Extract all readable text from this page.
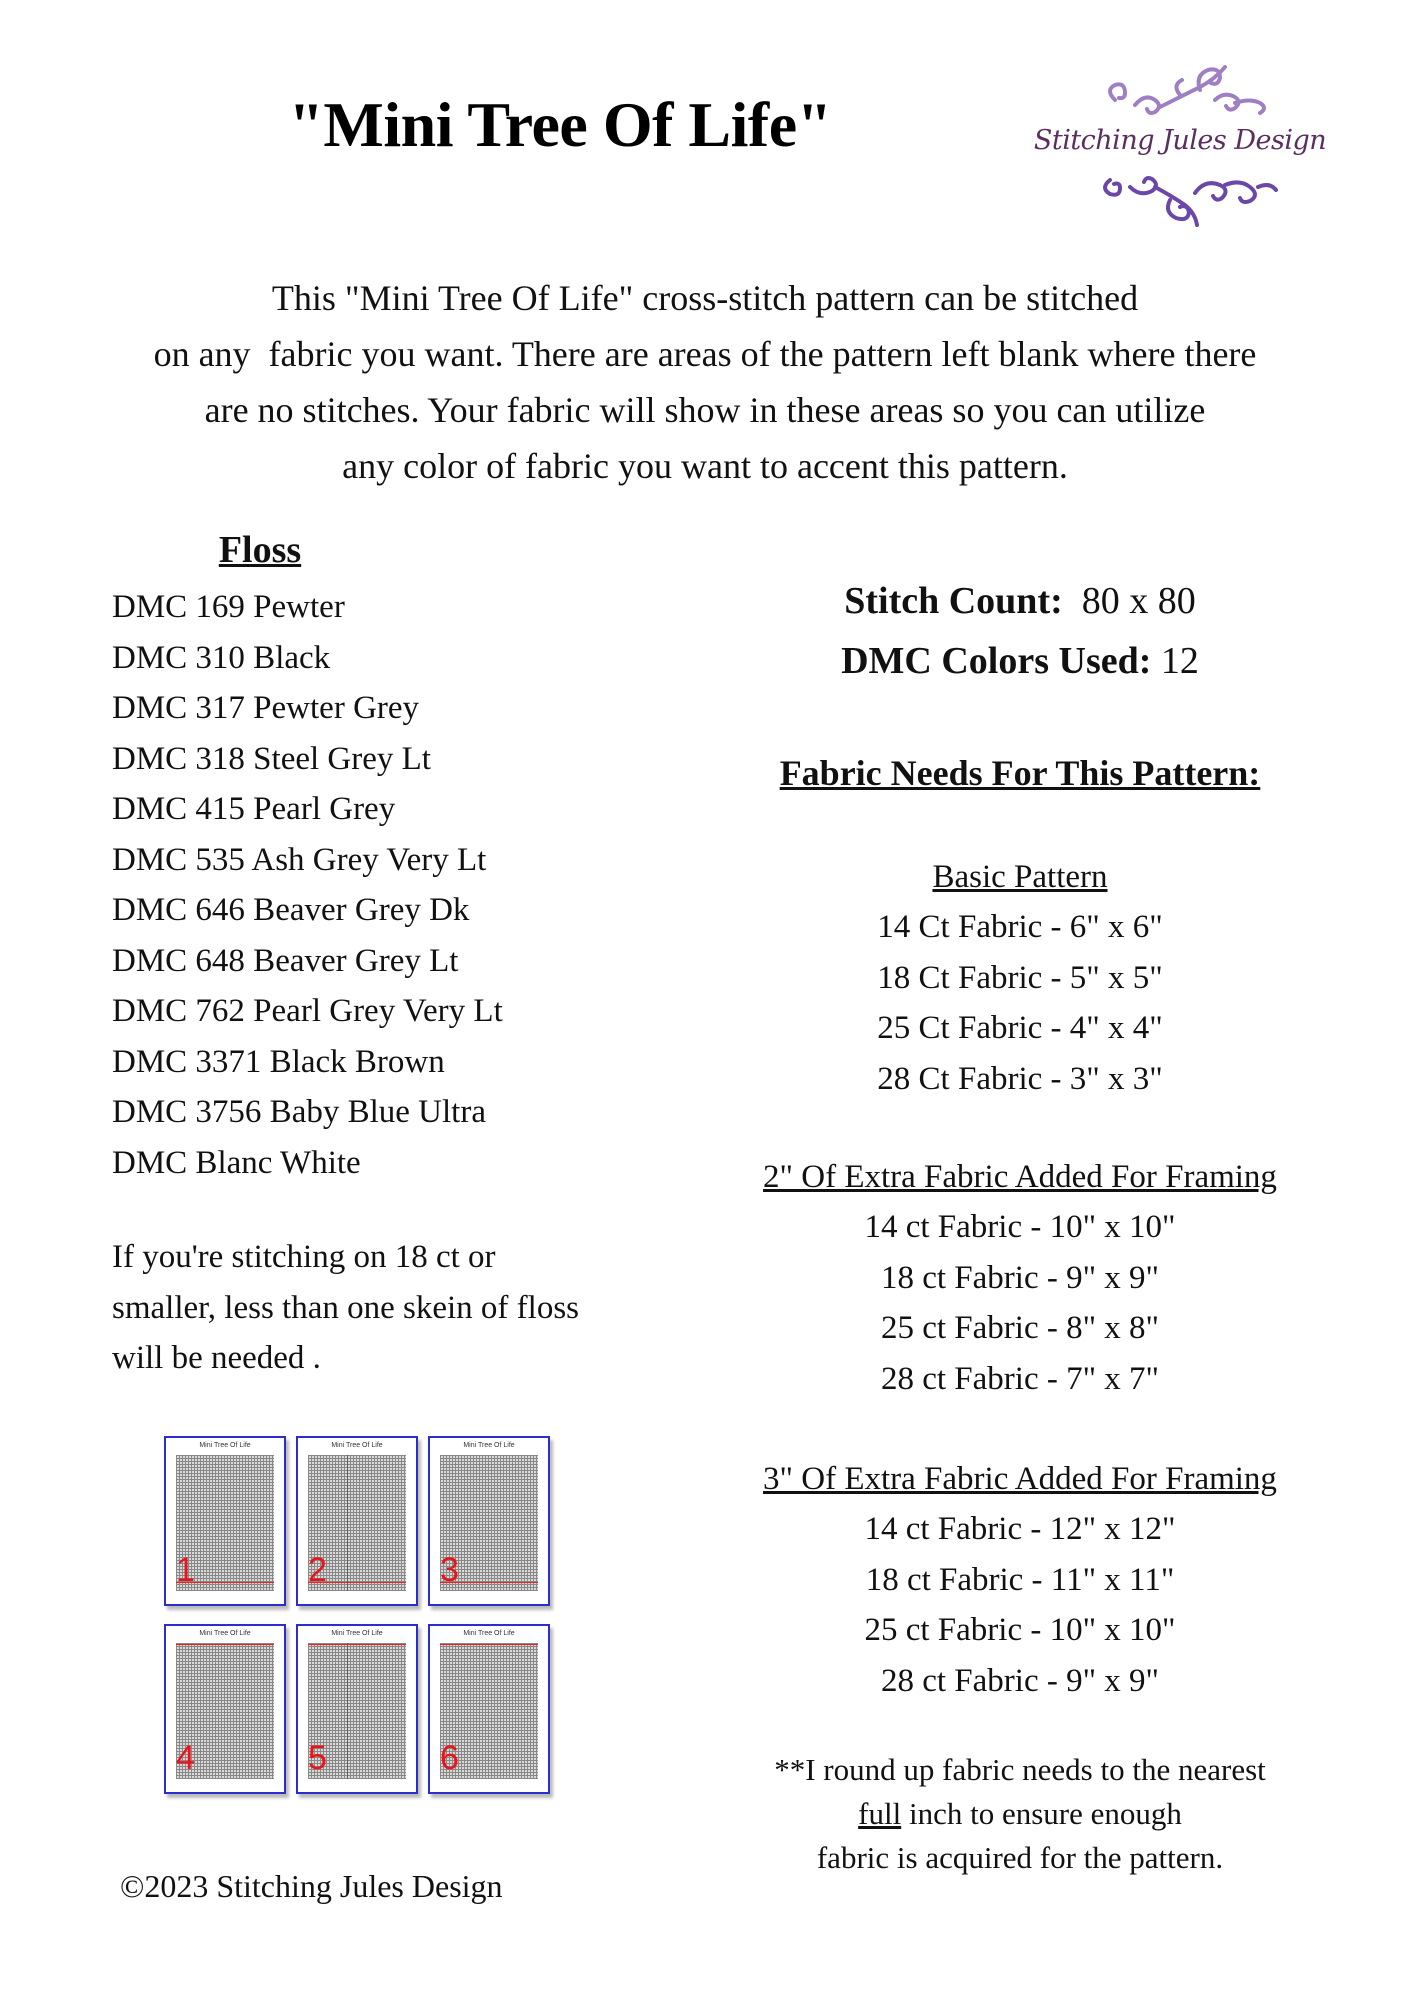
"Mini Tree Of Life"	Stitching Jules Design
This "Mini Tree Of Life" cross-stitch pattern can be stitched
on any  fabric you want. There are areas of the pattern left blank where there
are no stitches. Your fabric will show in these areas so you can utilize
any color of fabric you want to accent this pattern.
Floss
DMC 169 Pewter
DMC 310 Black
DMC 317 Pewter Grey
DMC 318 Steel Grey Lt
DMC 415 Pearl Grey
DMC 535 Ash Grey Very Lt
DMC 646 Beaver Grey Dk
DMC 648 Beaver Grey Lt
DMC 762 Pearl Grey Very Lt
DMC 3371 Black Brown
DMC 3756 Baby Blue Ultra
DMC Blanc White
If you're stitching on 18 ct or
smaller, less than one skein of floss
will be needed .
Mini Tree Of Life
1
Mini Tree Of Life
2
Mini Tree Of Life
3
Mini Tree Of Life
4
Mini Tree Of Life
5
Mini Tree Of Life
6
Stitch Count: 80 x 80
DMC Colors Used: 12
Fabric Needs For This Pattern:
Basic Pattern
14 Ct Fabric - 6" x 6"
18 Ct Fabric - 5" x 5"
25 Ct Fabric - 4" x 4"
28 Ct Fabric - 3" x 3"
2" Of Extra Fabric Added For Framing
14 ct Fabric - 10" x 10"
18 ct Fabric - 9" x 9"
25 ct Fabric - 8" x 8"
28 ct Fabric - 7" x 7"
3" Of Extra Fabric Added For Framing
14 ct Fabric - 12" x 12"
18 ct Fabric - 11" x 11"
25 ct Fabric - 10" x 10"
28 ct Fabric - 9" x 9"
**I round up fabric needs to the nearest
full inch to ensure enough
fabric is acquired for the pattern.
©2023 Stitching Jules Design
